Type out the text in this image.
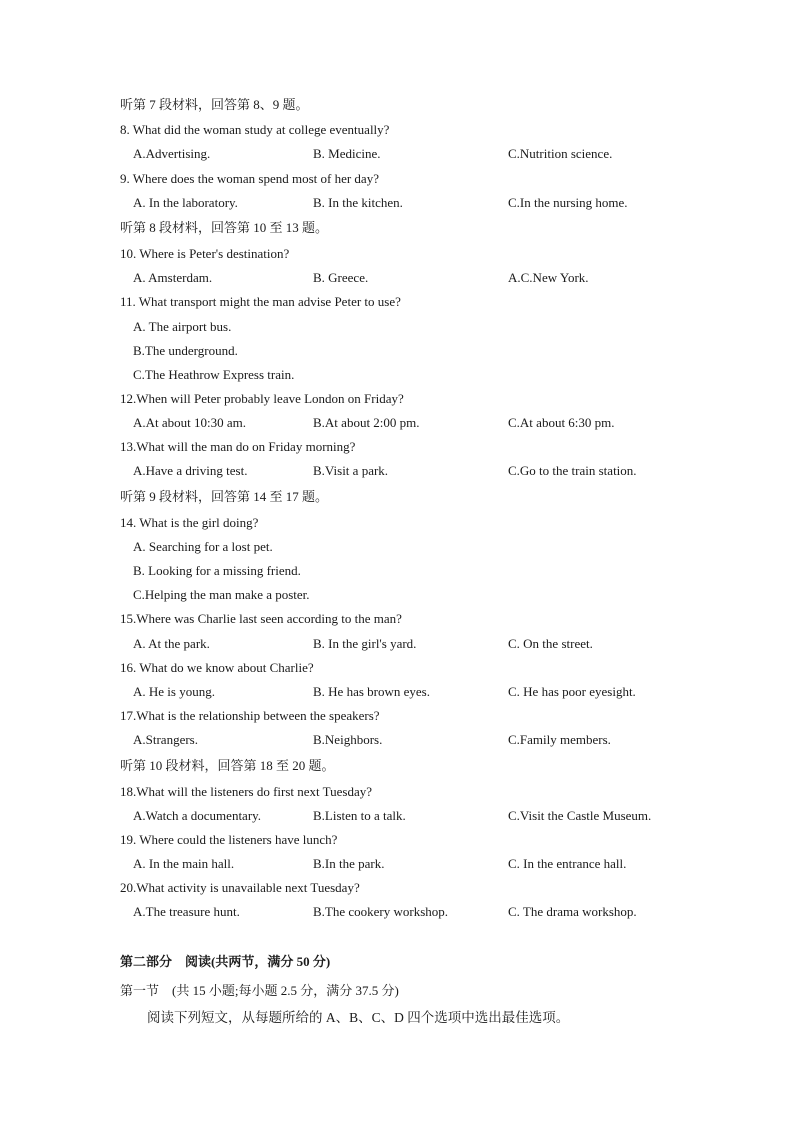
听第 7 段材料，回答第 8、9 题。
8. What did the woman study at college eventually?
A.Advertising.	B. Medicine.	C.Nutrition science.
9. Where does the woman spend most of her day?
A. In the laboratory.	B. In the kitchen.	C.In the nursing home.
听第 8 段材料，回答第 10 至 13 题。
10. Where is Peter's destination?
A. Amsterdam.	B. Greece.	A.C.New York.
11. What transport might the man advise Peter to use?
A. The airport bus.
B.The underground.
C.The Heathrow Express train.
12.When will Peter probably leave London on Friday?
A.At about 10:30 am.	B.At about 2:00 pm.	C.At about 6:30 pm.
13.What will the man do on Friday morning?
A.Have a driving test.	B.Visit a park.	C.Go to the train station.
听第 9 段材料，回答第 14 至 17 题。
14. What is the girl doing?
A. Searching for a lost pet.
B. Looking for a missing friend.
C.Helping the man make a poster.
15.Where was Charlie last seen according to the man?
A. At the park.	B. In the girl's yard.	C. On the street.
16. What do we know about Charlie?
A. He is young.	B. He has brown eyes.	C. He has poor eyesight.
17.What is the relationship between the speakers?
A.Strangers.	B.Neighbors.	C.Family members.
听第 10 段材料，回答第 18 至 20 题。
18.What will the listeners do first next Tuesday?
A.Watch a documentary.	B.Listen to a talk.	C.Visit the Castle Museum.
19. Where could the listeners have lunch?
A. In the main hall.	B.In the park.	C. In the entrance hall.
20.What activity is unavailable next Tuesday?
A.The treasure hunt.	B.The cookery workshop.	C. The drama workshop.
第二部分　阅读(共两节，满分 50 分)
第一节　(共 15 小题;每小题 2.5 分，满分 37.5 分)
阅读下列短文，从每题所给的 A、B、C、D 四个选项中选出最佳选项。
